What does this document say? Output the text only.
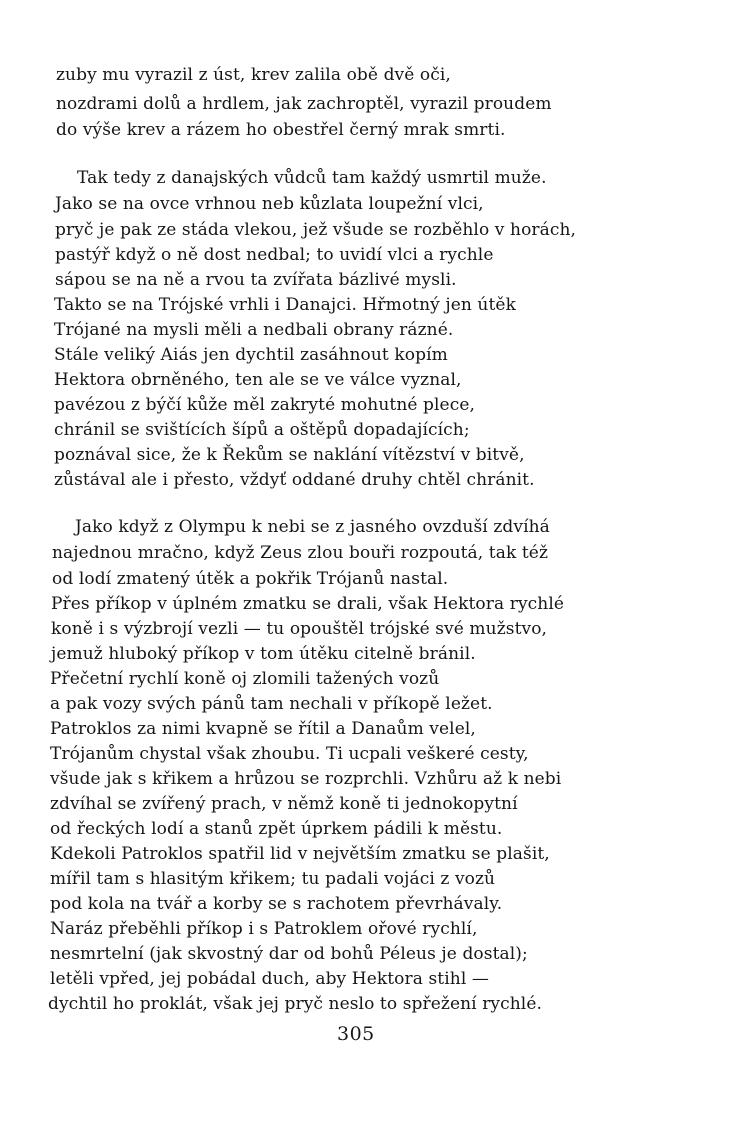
zuby mu vyrazil z úst, krev zalila obě dvě oči,
nozdrami dolů a hrdlem, jak zachroptěl, vyrazil proudem
do výše krev a rázem ho obestřel černý mrak smrti.
Tak tedy z danajských vůdců tam každý usmrtil muže.
Jako se na ovce vrhnou neb kůzlata loupežní vlci,
pryč je pak ze stáda vlekou, jež všude se rozběhlo v horách,
pastýř když o ně dost nedbal; to uvidí vlci a rychle
sápou se na ně a rvou ta zvířata bázlivé mysli.
Takto se na Trójské vrhli i Danajci. Hřmotný jen útěk
Trójané na mysli měli a nedbali obrany rázné.
Stále veliký Aiás jen dychtil zasáhnout kopím
Hektora obrněného, ten ale se ve válce vyznal,
pavézou z býčí kůže měl zakryté mohutné plece,
chránil se svištících šípů a oštěpů dopadajících;
poznával sice, že k Řekům se naklání vítězství v bitvě,
zůstával ale i přesto, vždyť oddané druhy chtěl chránit.
Jako když z Olympu k nebi se z jasného ovzduší zdvíhá
najednou mračno, když Zeus zlou bouři rozpoutá, tak též
od lodí zmatený útěk a pokřik Trójanů nastal.
Přes příkop v úplném zmatku se drali, však Hektora rychlé
koně i s výzbrojí vezli — tu opouštěl trójské své mužstvo,
jemuž hluboký příkop v tom útěku citelně bránil.
Přečetní rychlí koně oj zlomili tažených vozů
a pak vozy svých pánů tam nechali v příkopě ležet.
Patroklos za nimi kvapně se řítil a Danaům velel,
Trójanům chystal však zhoubu. Ti ucpali veškeré cesty,
všude jak s křikem a hrůzou se rozprchli. Vzhůru až k nebi
zdvíhal se zvířený prach, v němž koně ti jednokopytní
od řeckých lodí a stanů zpět úprkem pádili k městu.
Kdekoli Patroklos spatřil lid v největším zmatku se plašit,
mířil tam s hlasitým křikem; tu padali vojáci z vozů
pod kola na tvář a korby se s rachotem převrhávaly.
Naráz přeběhli příkop i s Patroklem ořové rychlí,
nesmrtelní (jak skvostný dar od bohů Péleus je dostal);
letěli vpřed, jej pobádal duch, aby Hektora stihl —
dychtil ho proklát, však jej pryč neslo to spřežení rychlé.
305
